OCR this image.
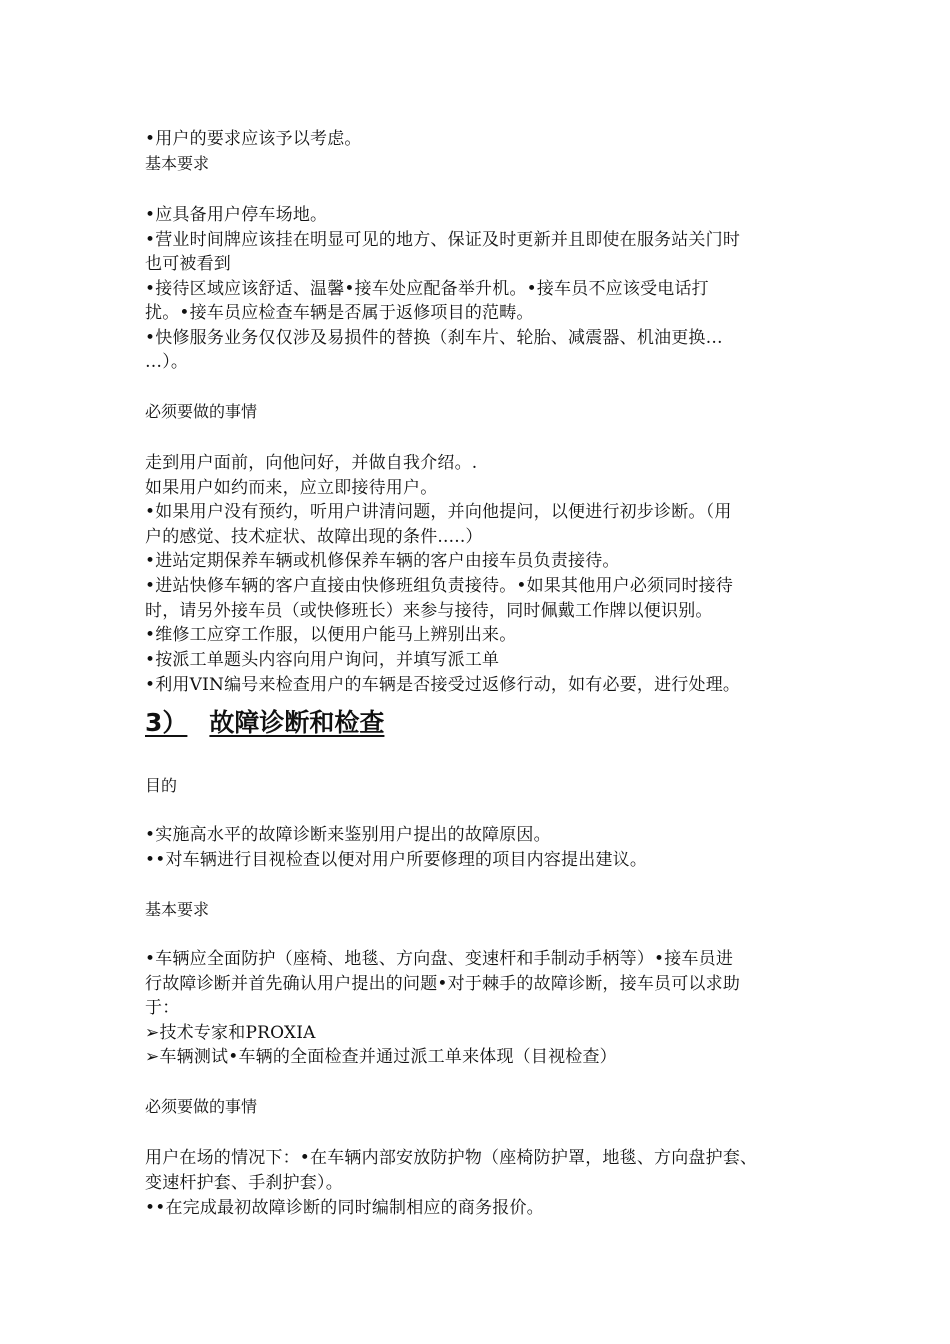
•用户的要求应该予以考虑。
基本要求
•应具备用户停车场地。
•营业时间牌应该挂在明显可见的地方、保证及时更新并且即使在服务站关门时
也可被看到
•接待区域应该舒适、温馨•接车处应配备举升机。•接车员不应该受电话打
扰。•接车员应检查车辆是否属于返修项目的范畴。
•快修服务业务仅仅涉及易损件的替换（刹车片、轮胎、减震器、机油更换…
…）。
必须要做的事情
走到用户面前，向他问好，并做自我介绍。.
如果用户如约而来，应立即接待用户。
•如果用户没有预约，听用户讲清问题，并向他提问，以便进行初步诊断。（用
户的感觉、技术症状、故障出现的条件.....）
•进站定期保养车辆或机修保养车辆的客户由接车员负责接待。
•进站快修车辆的客户直接由快修班组负责接待。•如果其他用户必须同时接待
时，请另外接车员（或快修班长）来参与接待，同时佩戴工作牌以便识别。
•维修工应穿工作服，以便用户能马上辨别出来。
•按派工单题头内容向用户询问，并填写派工单
•利用VIN编号来检查用户的车辆是否接受过返修行动，如有必要，进行处理。
3） 故障诊断和检查
目的
•实施高水平的故障诊断来鉴别用户提出的故障原因。
••对车辆进行目视检查以便对用户所要修理的项目内容提出建议。
基本要求
•车辆应全面防护（座椅、地毯、方向盘、变速杆和手制动手柄等）•接车员进
行故障诊断并首先确认用户提出的问题•对于棘手的故障诊断，接车员可以求助
于：
➢技术专家和PROXIA
➢车辆测试•车辆的全面检查并通过派工单来体现（目视检查）
必须要做的事情
用户在场的情况下：•在车辆内部安放防护物（座椅防护罩，地毯、方向盘护套、
变速杆护套、手刹护套）。
••在完成最初故障诊断的同时编制相应的商务报价。
